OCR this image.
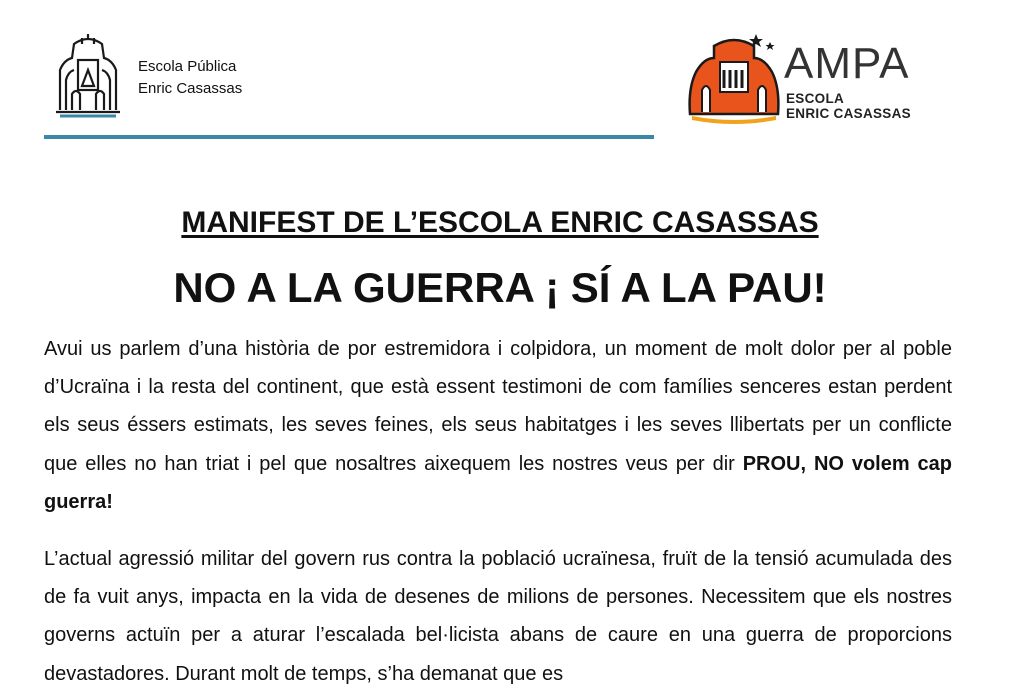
Escola Pública
Enric Casassas
AMPA
ESCOLA
ENRIC CASASSAS
MANIFEST DE L’ESCOLA ENRIC CASASSAS
NO A LA GUERRA ¡ SÍ A LA PAU!

Avui us parlem d’una història de por estremidora i colpidora, un moment de molt dolor per al poble d’Ucraïna i la resta del continent, que està essent testimoni de com famílies senceres estan perdent els seus éssers estimats, les seves feines, els seus habitatges i les seves llibertats per un conflicte que elles no han triat i pel que nosaltres aixequem les nostres veus per dir PROU, NO volem cap guerra!

L’actual agressió militar del govern rus contra la població ucraïnesa, fruït de la tensió acumulada des de fa vuit anys, impacta en la vida de desenes de milions de persones. Necessitem que els nostres governs actuïn per a aturar l’escalada bel·licista abans de caure en una guerra de proporcions devastadores. Durant molt de temps, s’ha demanat que es
